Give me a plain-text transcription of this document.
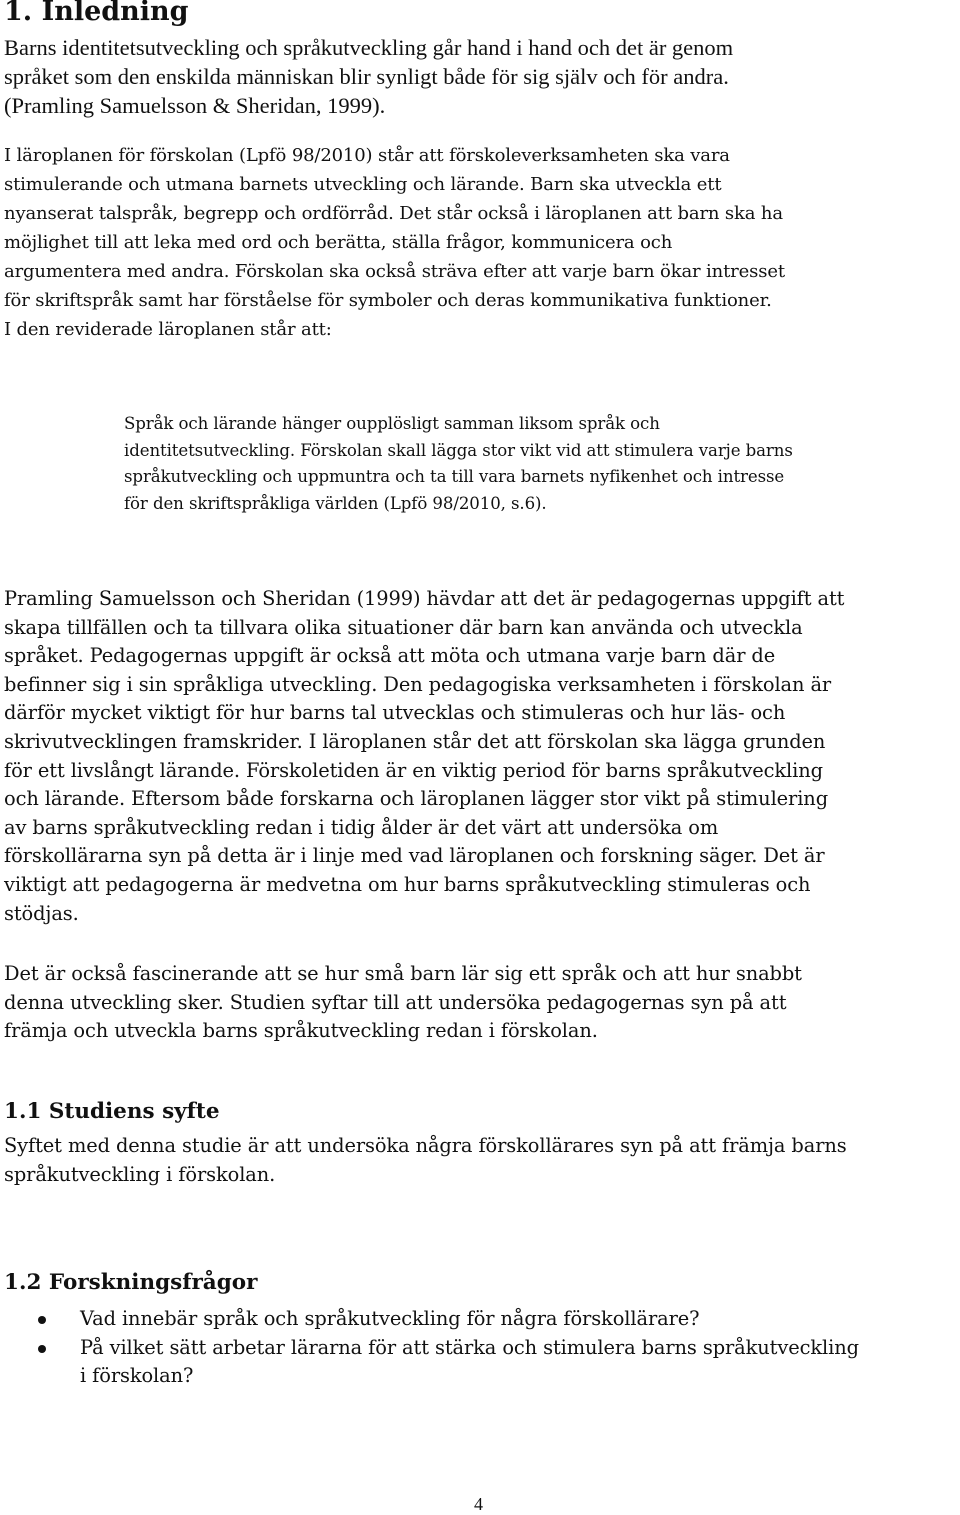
1. Inledning

Barns identitetsutveckling och språkutveckling går hand i hand och det är genom
språket som den enskilda människan blir synligt både för sig själv och för andra.
(Pramling Samuelsson & Sheridan, 1999).

I läroplanen för förskolan (Lpfö 98/2010) står att förskoleverksamheten ska vara
stimulerande och utmana barnets utveckling och lärande. Barn ska utveckla ett
nyanserat talspråk, begrepp och ordförråd. Det står också i läroplanen att barn ska ha
möjlighet till att leka med ord och berätta, ställa frågor, kommunicera och
argumentera med andra. Förskolan ska också sträva efter att varje barn ökar intresset
för skriftspråk samt har förståelse för symboler och deras kommunikativa funktioner.
I den reviderade läroplanen står att:

Språk och lärande hänger oupplösligt samman liksom språk och
identitetsutveckling. Förskolan skall lägga stor vikt vid att stimulera varje barns
språkutveckling och uppmuntra och ta till vara barnets nyfikenhet och intresse
för den skriftspråkliga världen (Lpfö 98/2010, s.6).

Pramling Samuelsson och Sheridan (1999) hävdar att det är pedagogernas uppgift att
skapa tillfällen och ta tillvara olika situationer där barn kan använda och utveckla
språket. Pedagogernas uppgift är också att möta och utmana varje barn där de
befinner sig i sin språkliga utveckling. Den pedagogiska verksamheten i förskolan är
därför mycket viktigt för hur barns tal utvecklas och stimuleras och hur läs- och
skrivutvecklingen framskrider. I läroplanen står det att förskolan ska lägga grunden
för ett livslångt lärande. Förskoletiden är en viktig period för barns språkutveckling
och lärande. Eftersom både forskarna och läroplanen lägger stor vikt på stimulering
av barns språkutveckling redan i tidig ålder är det värt att undersöka om
förskollärarna syn på detta är i linje med vad läroplanen och forskning säger. Det är
viktigt att pedagogerna är medvetna om hur barns språkutveckling stimuleras och
stödjas.

Det är också fascinerande att se hur små barn lär sig ett språk och att hur snabbt
denna utveckling sker. Studien syftar till att undersöka pedagogernas syn på att
främja och utveckla barns språkutveckling redan i förskolan.

1.1 Studiens syfte

Syftet med denna studie är att undersöka några förskollärares syn på att främja barns
språkutveckling i förskolan.

1.2 Forskningsfrågor
Vad innebär språk och språkutveckling för några förskollärare?
På vilket sätt arbetar lärarna för att stärka och stimulera barns språkutveckling
i förskolan?
4
